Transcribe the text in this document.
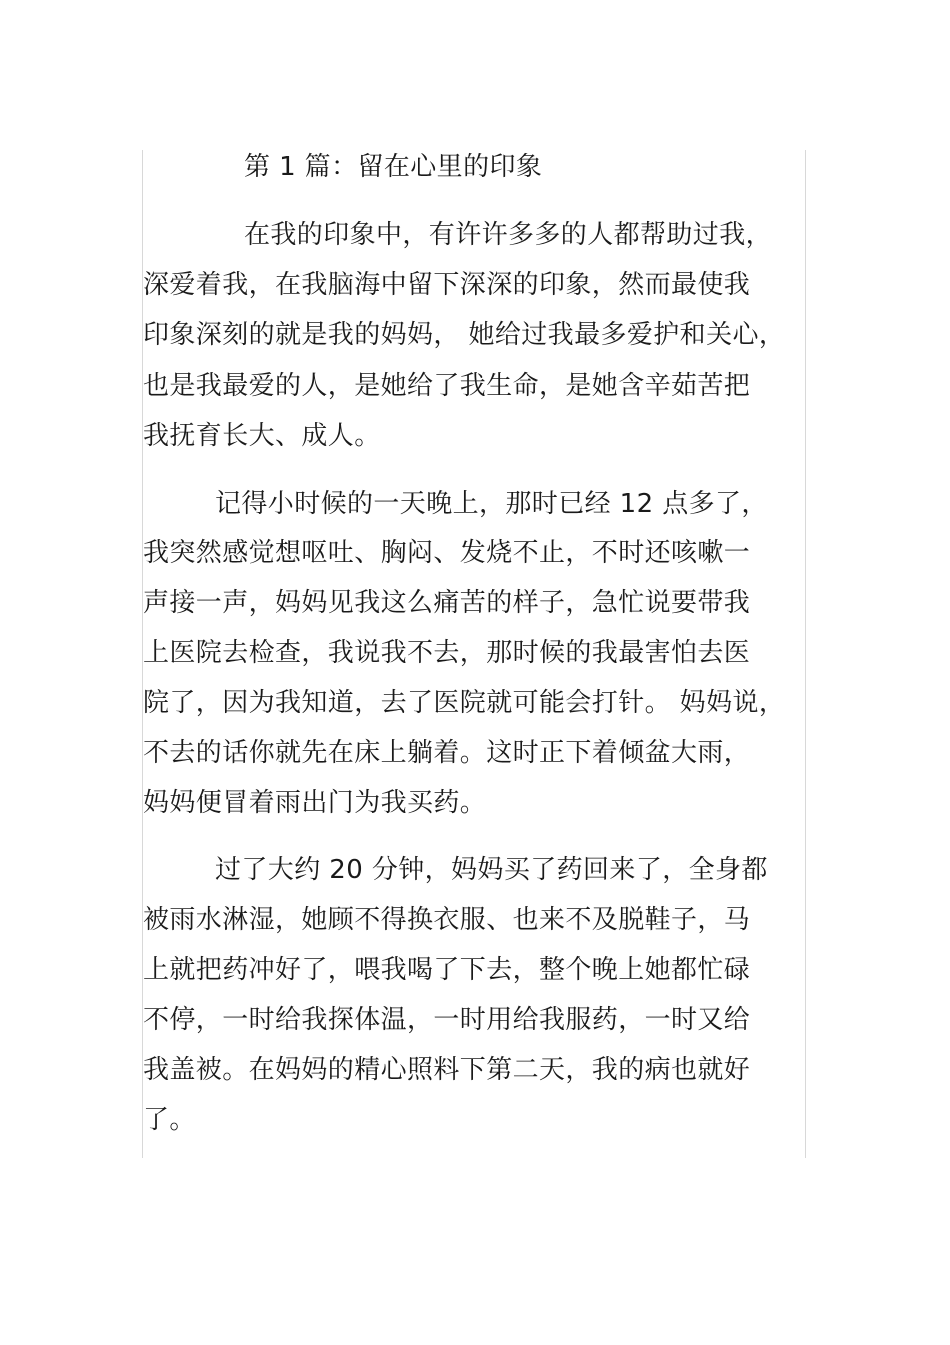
第 1 篇：留在心里的印象
在我的印象中，有许许多多的人都帮助过我，
深爱着我，在我脑海中留下深深的印象，然而最使我
印象深刻的就是我的妈妈， 她给过我最多爱护和关心，
也是我最爱的人，是她给了我生命，是她含辛茹苦把
我抚育长大、成人。
记得小时候的一天晚上，那时已经 12 点多了，
我突然感觉想呕吐、胸闷、发烧不止，不时还咳嗽一
声接一声，妈妈见我这么痛苦的样子，急忙说要带我
上医院去检查，我说我不去，那时候的我最害怕去医
院了，因为我知道，去了医院就可能会打针。 妈妈说，
不去的话你就先在床上躺着。这时正下着倾盆大雨，
妈妈便冒着雨出门为我买药。
过了大约 20 分钟，妈妈买了药回来了，全身都
被雨水淋湿，她顾不得换衣服、也来不及脱鞋子，马
上就把药冲好了，喂我喝了下去，整个晚上她都忙碌
不停，一时给我探体温，一时用给我服药，一时又给
我盖被。在妈妈的精心照料下第二天，我的病也就好
了。
